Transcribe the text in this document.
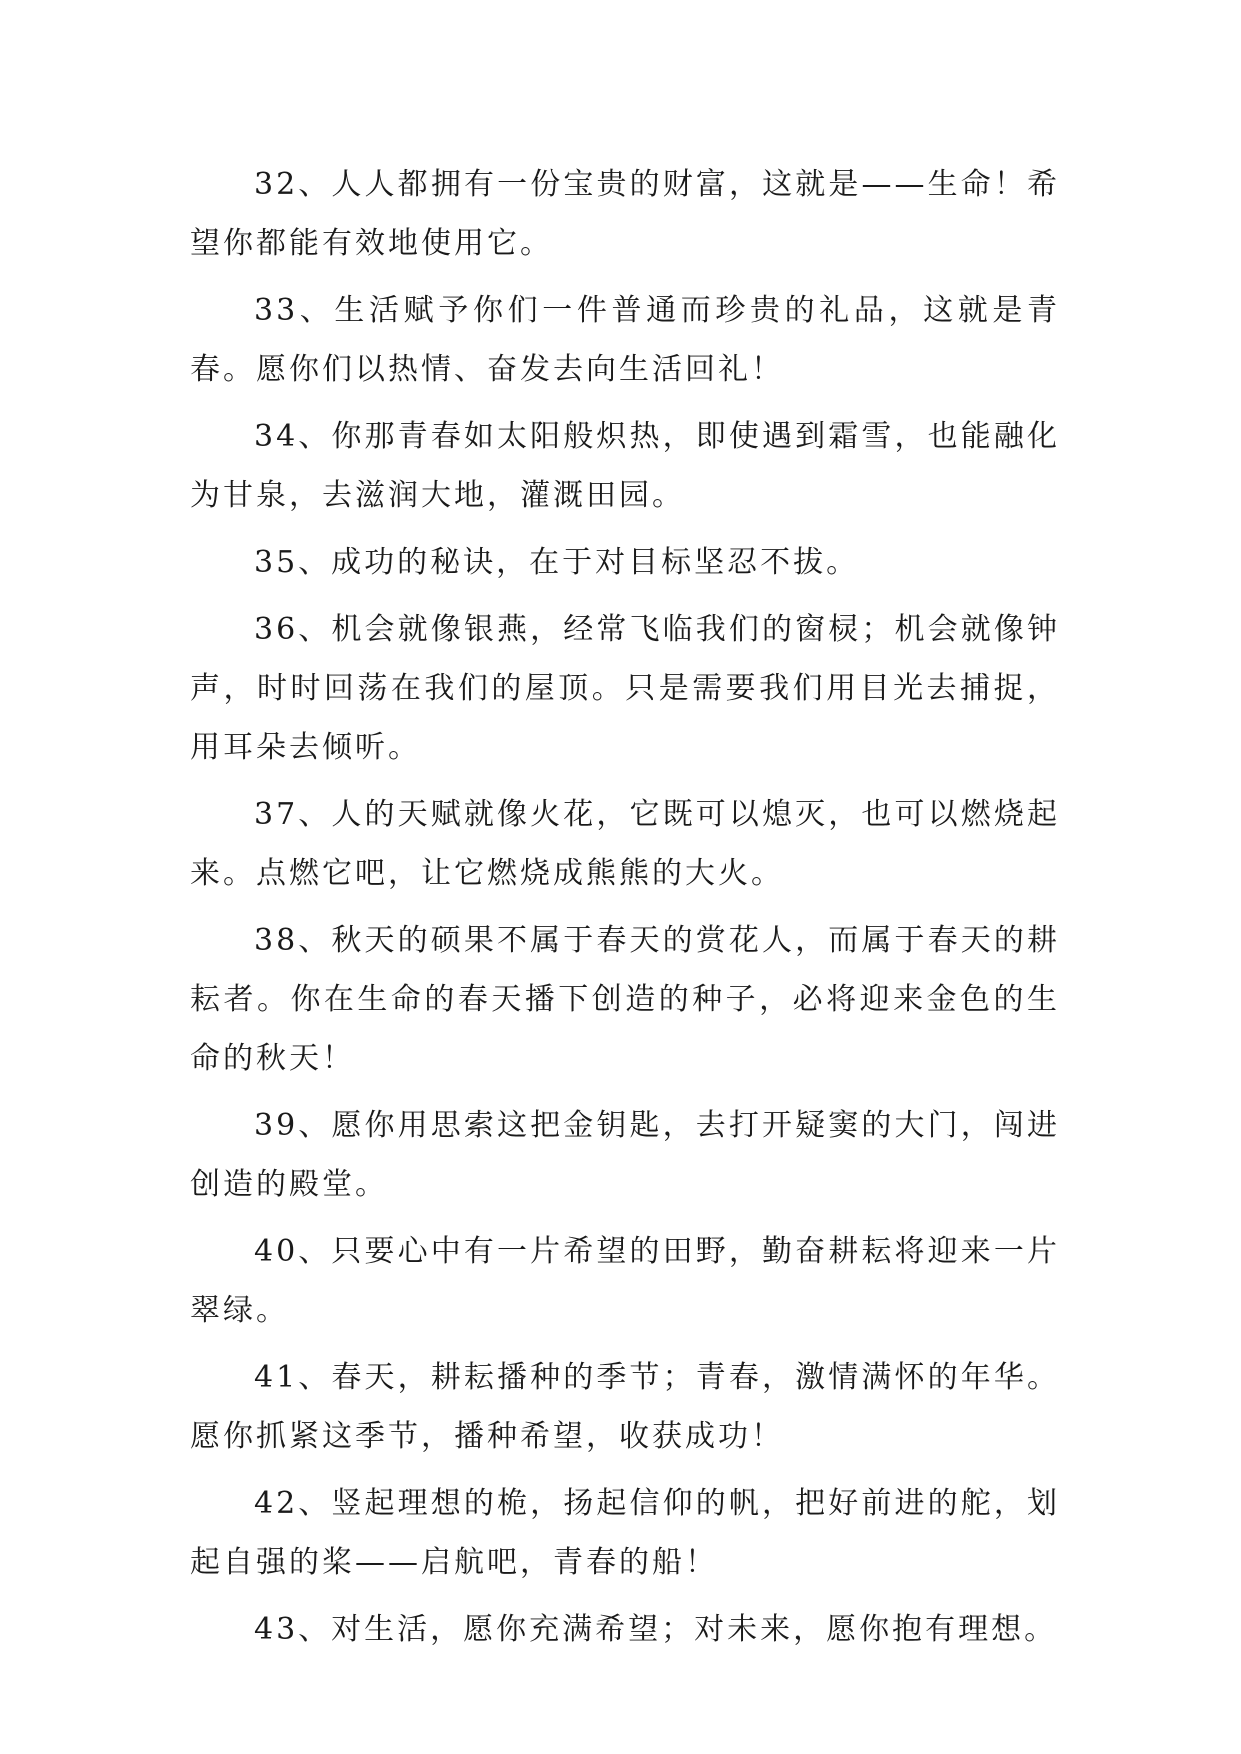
32、人人都拥有一份宝贵的财富，这就是——生命！希望你都能有效地使用它。

33、生活赋予你们一件普通而珍贵的礼品，这就是青春。愿你们以热情、奋发去向生活回礼！

34、你那青春如太阳般炽热，即使遇到霜雪，也能融化为甘泉，去滋润大地，灌溉田园。

35、成功的秘诀，在于对目标坚忍不拔。

36、机会就像银燕，经常飞临我们的窗棂；机会就像钟声，时时回荡在我们的屋顶。只是需要我们用目光去捕捉，用耳朵去倾听。

37、人的天赋就像火花，它既可以熄灭，也可以燃烧起来。点燃它吧，让它燃烧成熊熊的大火。

38、秋天的硕果不属于春天的赏花人，而属于春天的耕耘者。你在生命的春天播下创造的种子，必将迎来金色的生命的秋天！

39、愿你用思索这把金钥匙，去打开疑窦的大门，闯进创造的殿堂。

40、只要心中有一片希望的田野，勤奋耕耘将迎来一片翠绿。

41、春天，耕耘播种的季节；青春，激情满怀的年华。愿你抓紧这季节，播种希望，收获成功！

42、竖起理想的桅，扬起信仰的帆，把好前进的舵，划起自强的桨——启航吧，青春的船！

43、对生活，愿你充满希望；对未来，愿你抱有理想。
